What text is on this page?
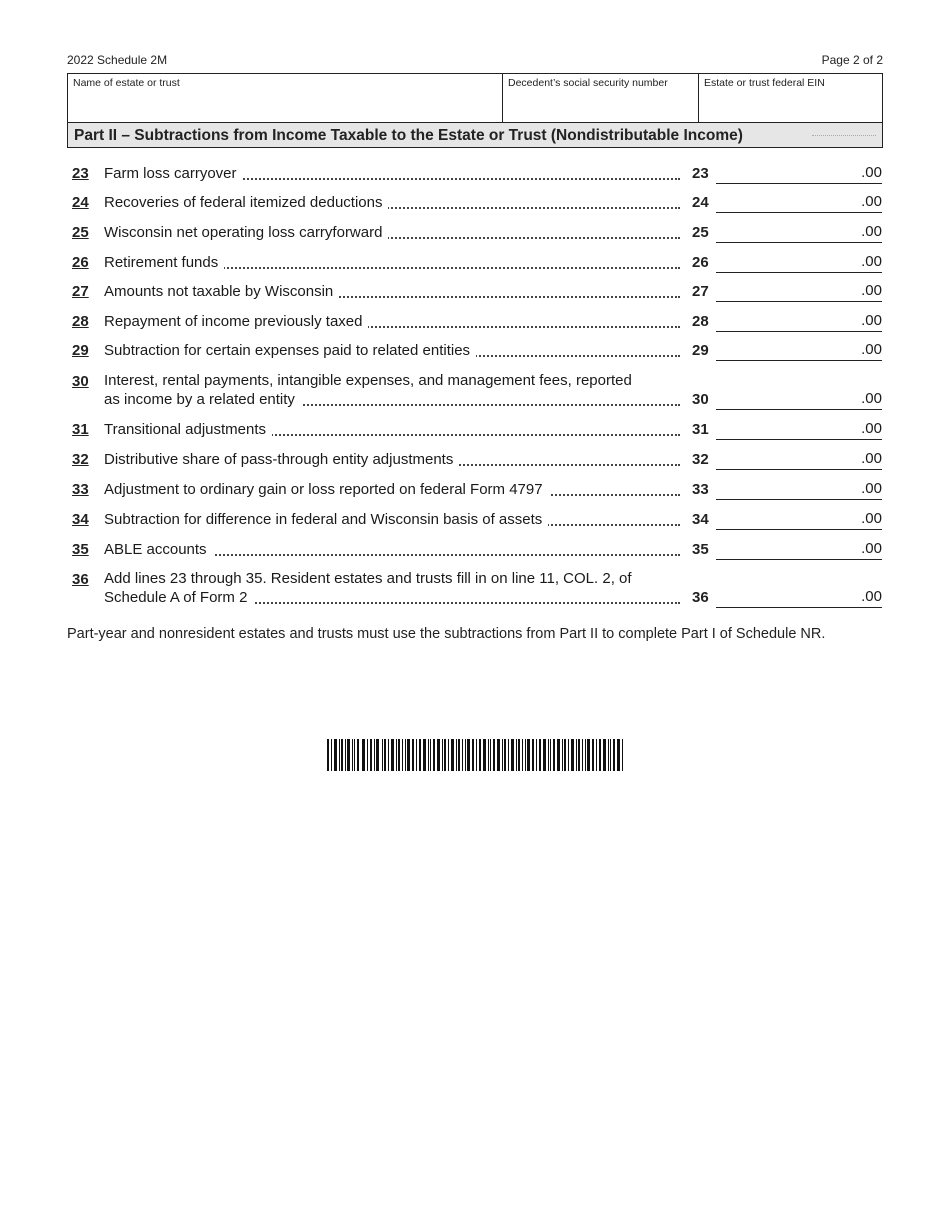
2022 Schedule 2M	Page 2 of 2
Name of estate or trust	Decedent’s social security number	Estate or trust federal EIN
Part II – Subtractions from Income Taxable to the Estate or Trust (Nondistributable Income)
23 Farm loss carryover	23	.00
24 Recoveries of federal itemized deductions	24	.00
25 Wisconsin net operating loss carryforward	25	.00
26 Retirement funds	26	.00
27 Amounts not taxable by Wisconsin	27	.00
28 Repayment of income previously taxed	28	.00
29 Subtraction for certain expenses paid to related entities	29	.00
30 Interest, rental payments, intangible expenses, and management fees, reported
as income by a related entity	30	.00
31 Transitional adjustments	31	.00
32 Distributive share of pass-through entity adjustments	32	.00
33 Adjustment to ordinary gain or loss reported on federal Form 4797	33	.00
34 Subtraction for difference in federal and Wisconsin basis of assets	34	.00
35 ABLE accounts	35	.00
36 Add lines 23 through 35. Resident estates and trusts fill in on line 11, COL. 2, of
Schedule A of Form 2	36	.00
Part-year and nonresident estates and trusts must use the subtractions from Part II to complete Part I of Schedule NR.
